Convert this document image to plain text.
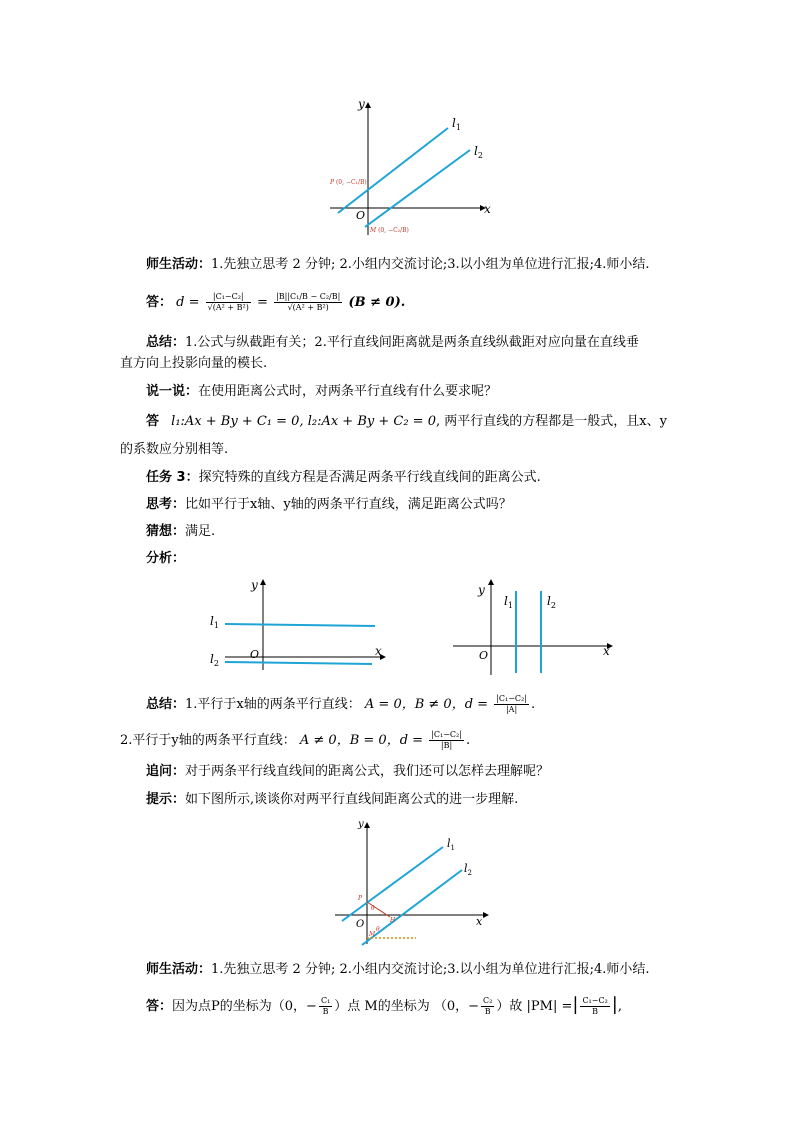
y
x
O
$l_1$
$l_2$
P (0, −C₁/B)
M (0, −C₂/B)
师生活动：1.先独立思考 2 分钟; 2.小组内交流讨论;3.以小组为单位进行汇报;4.师小结.
答： $d = \frac{\text{|C₁−C₂|}}{\text{√(A² + B²)}} = \frac{\text{|B||C₁/B − C₂/B|}}{\text{√(A² + B²)}} (B \ne 0)$.
总结：1.公式与纵截距有关；2.平行直线间距离就是两条直线纵截距对应向量在直线垂
直方向上投影向量的模长.
说一说：在使用距离公式时，对两条平行直线有什么要求呢？
答 l₁:Ax + By + C₁ = 0, l₂:Ax + By + C₂ = 0, 两平行直线的方程都是一般式，且x、y
的系数应分别相等.
任务 3：探究特殊的直线方程是否满足两条平行线直线间的距离公式.
思考：比如平行于x轴、y轴的两条平行直线，满足距离公式吗？
猜想：满足.
分析：
y
x
O
$l_1$
$l_2$
y
x
O
$l_1$	$l_2$
总结：1.平行于x轴的两条平行直线： A = 0，B ≠ 0，$d = \frac{\text{|C₁−C₂|}}{|A|}$ .
2.平行于y轴的两条平行直线： A ≠ 0，B = 0，$d = \frac{\text{|C₁−C₂|}}{|B|}$ .
追问：对于两条平行线直线间的距离公式，我们还可以怎样去理解呢？
提示：如下图所示,谈谈你对两平行直线间距离公式的进一步理解.
y
x
O
$l_1$
$l_2$
P
M
H
θ
θ
师生活动：1.先独立思考 2 分钟; 2.小组内交流讨论;3.以小组为单位进行汇报;4.师小结.
答：因为点P的坐标为（0，− $\frac{\text{C₁}}{B}$ ）点 M的坐标为 （0，− $\frac{\text{C₂}}{B}$ ）故 |PM| =| $\frac{\text{C₁−C₂}}{B}$ |,
